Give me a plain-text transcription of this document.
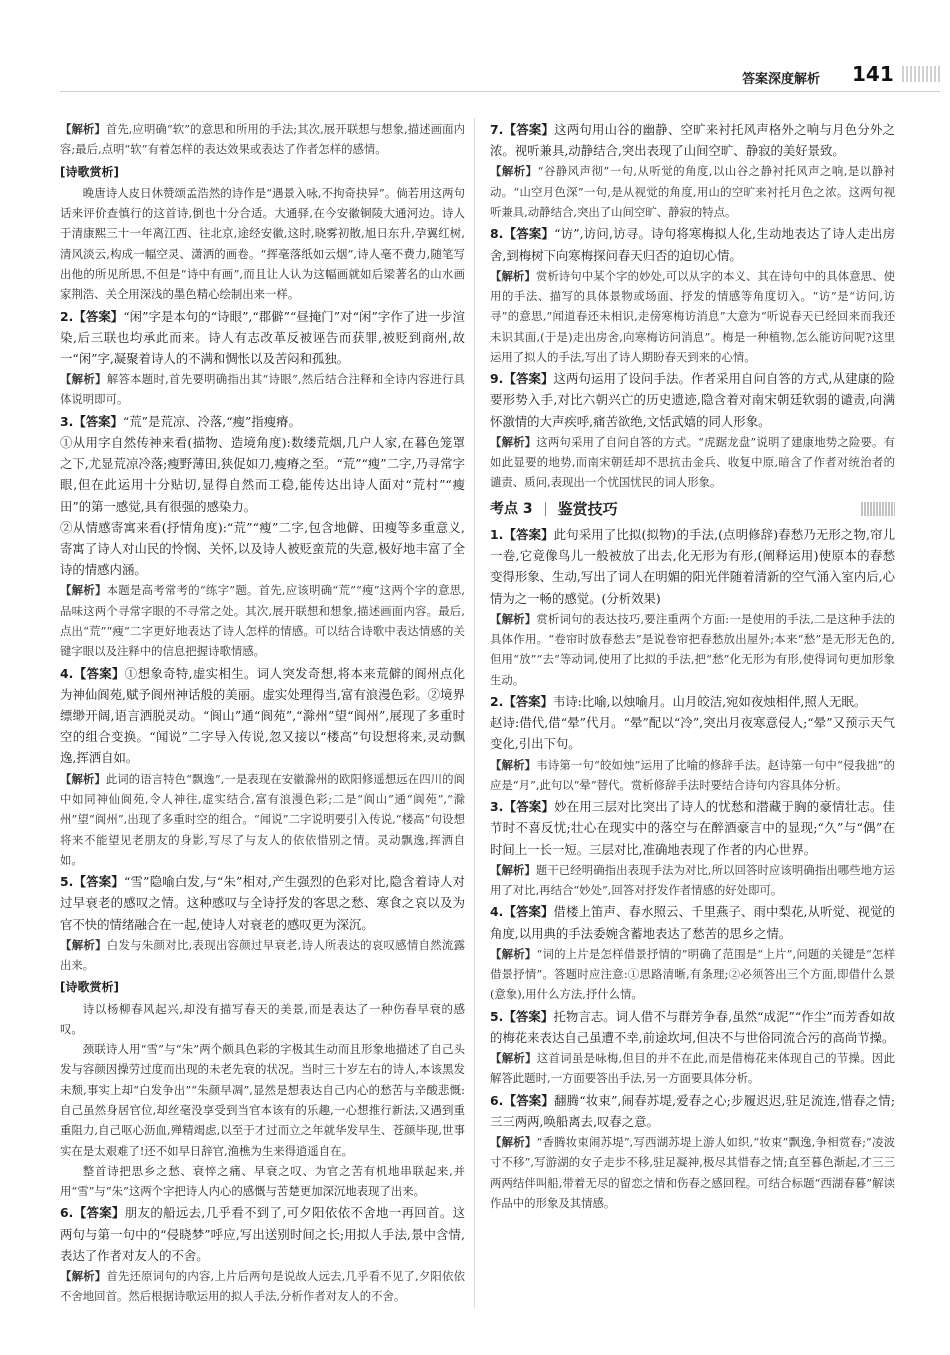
答案深度解析 141

【解析】首先,应明确“软”的意思和所用的手法;其次,展开联想与想象,描述画面内容;最后,点明“软”有着怎样的表达效果或表达了作者怎样的感情。

[诗歌赏析]

晚唐诗人皮日休赞颂孟浩然的诗作是“遇景入咏,不拘奇抉异”。倘若用这两句话来评价查慎行的这首诗,倒也十分合适。大通驿,在今安徽铜陵大通河边。诗人于清康熙三十一年离江西、往北京,途经安徽,这时,晓雾初散,旭日东升,孕翼红树,清风淡云,构成一幅空灵、潇洒的画卷。“挥毫落纸如云烟”,诗人毫不费力,随笔写出他的所见所思,不但是“诗中有画”,而且让人认为这幅画就如后梁著名的山水画家荆浩、关仝用深浅的墨色精心绘制出来一样。

2.【答案】“闲”字是本句的“诗眼”,“郡僻”“昼掩门”对“闲”字作了进一步渲染,后三联也均承此而来。诗人有志改革反被诬告而获罪,被贬到商州,故一“闲”字,凝聚着诗人的不满和惆怅以及苦闷和孤独。

【解析】解答本题时,首先要明确指出其“诗眼”,然后结合注释和全诗内容进行具体说明即可。

3.【答案】“荒”是荒凉、冷落,“瘦”指瘦瘠。

①从用字自然传神来看(描物、造境角度):数缕荒烟,几户人家,在暮色笼罩之下,尤显荒凉冷落;瘦野薄田,狭促如刀,瘦瘠之至。“荒”“瘦”二字,乃寻常字眼,但在此运用十分贴切,显得自然而工稳,能传达出诗人面对“荒村”“瘦田”的第一感觉,具有很强的感染力。

②从情感寄寓来看(抒情角度):“荒”“瘦”二字,包含地僻、田瘦等多重意义,寄寓了诗人对山民的怜悯、关怀,以及诗人被贬蛮荒的失意,极好地丰富了全诗的情感内涵。

【解析】本题是高考常考的“练字”题。首先,应该明确“荒”“瘦”这两个字的意思,品味这两个寻常字眼的不寻常之处。其次,展开联想和想象,描述画面内容。最后,点出“荒”“瘦”二字更好地表达了诗人怎样的情感。可以结合诗歌中表达情感的关键字眼以及注释中的信息把握诗歌情感。

4.【答案】①想象奇特,虚实相生。词人突发奇想,将本来荒僻的阆州点化为神仙阆苑,赋予阆州神话般的美丽。虚实处理得当,富有浪漫色彩。②境界缥缈开阔,语言洒脱灵动。“阆山”通“阆苑”,“滁州”望“阆州”,展现了多重时空的组合变换。“闻说”二字导入传说,忽又接以“楼高”句设想将来,灵动飘逸,挥洒自如。

【解析】此词的语言特色“飘逸”,一是表现在安徽滁州的欧阳修遥想远在四川的阆中如同神仙阆苑,令人神往,虚实结合,富有浪漫色彩;二是“阆山”通“阆苑”,“滁州”望“阆州”,出现了多重时空的组合。“闻说”二字说明要引入传说,“楼高”句设想将来不能望见老朋友的身影,写尽了与友人的依依惜别之情。灵动飘逸,挥洒自如。

5.【答案】“雪”隐喻白发,与“朱”相对,产生强烈的色彩对比,隐含着诗人对过早衰老的感叹之情。这种感叹与全诗抒发的客思之愁、寒食之哀以及为官不快的情绪融合在一起,使诗人对衰老的感叹更为深沉。

【解析】白发与朱颜对比,表现出容颜过早衰老,诗人所表达的哀叹感情自然流露出来。

[诗歌赏析]

诗以杨柳春风起兴,却没有描写春天的美景,而是表达了一种伤春早衰的感叹。

颈联诗人用“雪”与“朱”两个颇具色彩的字极其生动而且形象地描述了自己头发与容颜因操劳过度而出现的未老先衰的状况。当时三十岁左右的诗人,本该黑发未颓,事实上却“白发争出”“朱颜早凋”,显然是想表达自己内心的愁苦与辛酸悲慨:自己虽然身居官位,却丝毫没享受到当官本该有的乐趣,一心想推行新法,又遇到重重阻力,自己呕心沥血,殚精竭虑,以至于才过而立之年就华发早生、苍颜毕现,世事实在是太艰难了!还不如早日辞官,渔樵为生来得逍遥自在。

整首诗把思乡之愁、衰悴之痛、早衰之叹、为官之苦有机地串联起来,并用“雪”与“朱”这两个字把诗人内心的感慨与苦楚更加深沉地表现了出来。

6.【答案】朋友的船远去,几乎看不到了,可夕阳依依不舍地一再回首。这两句与第一句中的“侵晓梦”呼应,写出送别时间之长;用拟人手法,景中含情,表达了作者对友人的不舍。

【解析】首先还原词句的内容,上片后两句是说故人远去,几乎看不见了,夕阳依依不舍地回首。然后根据诗歌运用的拟人手法,分析作者对友人的不舍。

7.【答案】这两句用山谷的幽静、空旷来衬托风声格外之响与月色分外之浓。视听兼具,动静结合,突出表现了山间空旷、静寂的美好景致。

【解析】“谷静风声彻”一句,从听觉的角度,以山谷之静衬托风声之响,是以静衬动。“山空月色深”一句,是从视觉的角度,用山的空旷来衬托月色之浓。这两句视听兼具,动静结合,突出了山间空旷、静寂的特点。

8.【答案】“访”,访问,访寻。诗句将寒梅拟人化,生动地表达了诗人走出房舍,到梅树下向寒梅探问春天归否的迫切心情。

【解析】赏析诗句中某个字的妙处,可以从字的本义、其在诗句中的具体意思、使用的手法、描写的具体景物或场面、抒发的情感等角度切入。“访”是“访问,访寻”的意思,“闻道春还未相识,走傍寒梅访消息”大意为“听说春天已经回来而我还未识其面,(于是)走出房舍,向寒梅访问消息”。梅是一种植物,怎么能访问呢?这里运用了拟人的手法,写出了诗人期盼春天到来的心情。

9.【答案】这两句运用了设问手法。作者采用自问自答的方式,从建康的险要形势入手,对比六朝兴亡的历史遗迹,隐含着对南宋朝廷软弱的谴责,向满怀激情的大声疾呼,痛苦欲绝,文恬武嬉的同人形象。

【解析】这两句采用了自问自答的方式。“虎踞龙盘”说明了建康地势之险要。有如此显要的地势,而南宋朝廷却不思抗击金兵、收复中原,暗含了作者对统治者的谴责、质问,表现出一个忧国忧民的词人形象。

考点 3 鉴赏技巧

1.【答案】此句采用了比拟(拟物)的手法,(点明修辞)春愁乃无形之物,帘儿一卷,它竟像鸟儿一般被放了出去,化无形为有形,(阐释运用)使原本的春愁变得形象、生动,写出了词人在明媚的阳光伴随着清新的空气涌入室内后,心情为之一畅的感觉。(分析效果)

【解析】赏析词句的表达技巧,要注重两个方面:一是使用的手法,二是这种手法的具体作用。“卷帘时放春愁去”是说卷帘把春愁放出屋外;本来“愁”是无形无色的,但用“放”“去”等动词,使用了比拟的手法,把“愁”化无形为有形,使得词句更加形象生动。

2.【答案】韦诗:比喻,以烛喻月。山月皎洁,宛如夜烛相伴,照人无眠。

赵诗:借代,借“晕”代月。“晕”配以“冷”,突出月夜寒意侵人;“晕”又预示天气变化,引出下句。

【解析】韦诗第一句“皎如烛”运用了比喻的修辞手法。赵诗第一句中“侵我拙”的应是“月”,此句以“晕”替代。赏析修辞手法时要结合诗句内容具体分析。

3.【答案】妙在用三层对比突出了诗人的忧愁和潜藏于胸的豪情壮志。佳节时不喜反忧;壮心在现实中的落空与在醉酒豪言中的显现;“久”与“偶”在时间上一长一短。三层对比,准确地表现了作者的内心世界。

【解析】题干已经明确指出表现手法为对比,所以回答时应该明确指出哪些地方运用了对比,再结合“妙处”,回答对抒发作者情感的好处即可。

4.【答案】借楼上笛声、春水照云、千里燕子、雨中梨花,从听觉、视觉的角度,以用典的手法委婉含蓄地表达了愁苦的思乡之情。

【解析】“词的上片是怎样借景抒情的”明确了范围是“上片”,问题的关键是“怎样借景抒情”。答题时应注意:①思路清晰,有条理;②必须答出三个方面,即借什么景(意象),用什么方法,抒什么情。

5.【答案】托物言志。词人借不与群芳争春,虽然“成泥”“作尘”而芳香如故的梅花来表达自己虽遭不幸,前途坎坷,但决不与世俗同流合污的高尚节操。

【解析】这首词虽是咏梅,但目的并不在此,而是借梅花来体现自己的节操。因此解答此题时,一方面要答出手法,另一方面要具体分析。

6.【答案】翻腾“妆束”,闹春苏堤,爱春之心;步履迟迟,驻足流连,惜春之情;三三两两,唤船离去,叹春之意。

【解析】“香腾妆束闹苏堤”,写西湖苏堤上游人如织,“妆束”飘逸,争相赏春;“凌波寸不移”,写游湖的女子走步不移,驻足凝神,极尽其惜春之情;直至暮色渐起,才三三两两结伴叫船,带着无尽的留恋之情和伤春之感回程。可结合标题“西湖春暮”解读作品中的形象及其情感。
